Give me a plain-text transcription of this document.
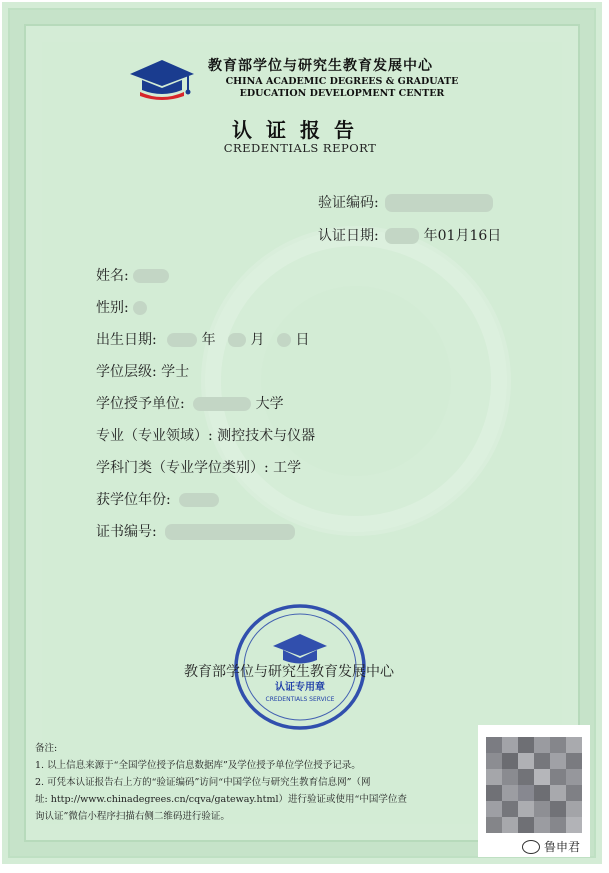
教育部学位与研究生教育发展中心
CHINA ACADEMIC DEGREES & GRADUATE
EDUCATION DEVELOPMENT CENTER
认证报告
CREDENTIALS REPORT
验证编码:
认证日期:	年01月16日
姓名:
性别:
出生日期:	年 月 日
学位层级: 学士
学位授予单位:	大学
专业（专业领域）: 测控技术与仪器
学科门类（专业学位类别）: 工学
获学位年份:
证书编号:
认证专用章
CREDENTIALS SERVICE
教育部学位与研究生教育发展中心
备注:
1. 以上信息来源于“全国学位授予信息数据库”及学位授予单位学位授予记录。
2. 可凭本认证报告右上方的“验证编码”访问“中国学位与研究生教育信息网”（网
址: http://www.chinadegrees.cn/cqva/gateway.html）进行验证或使用“中国学位查
询认证”微信小程序扫描右侧二维码进行验证。
鲁申君
